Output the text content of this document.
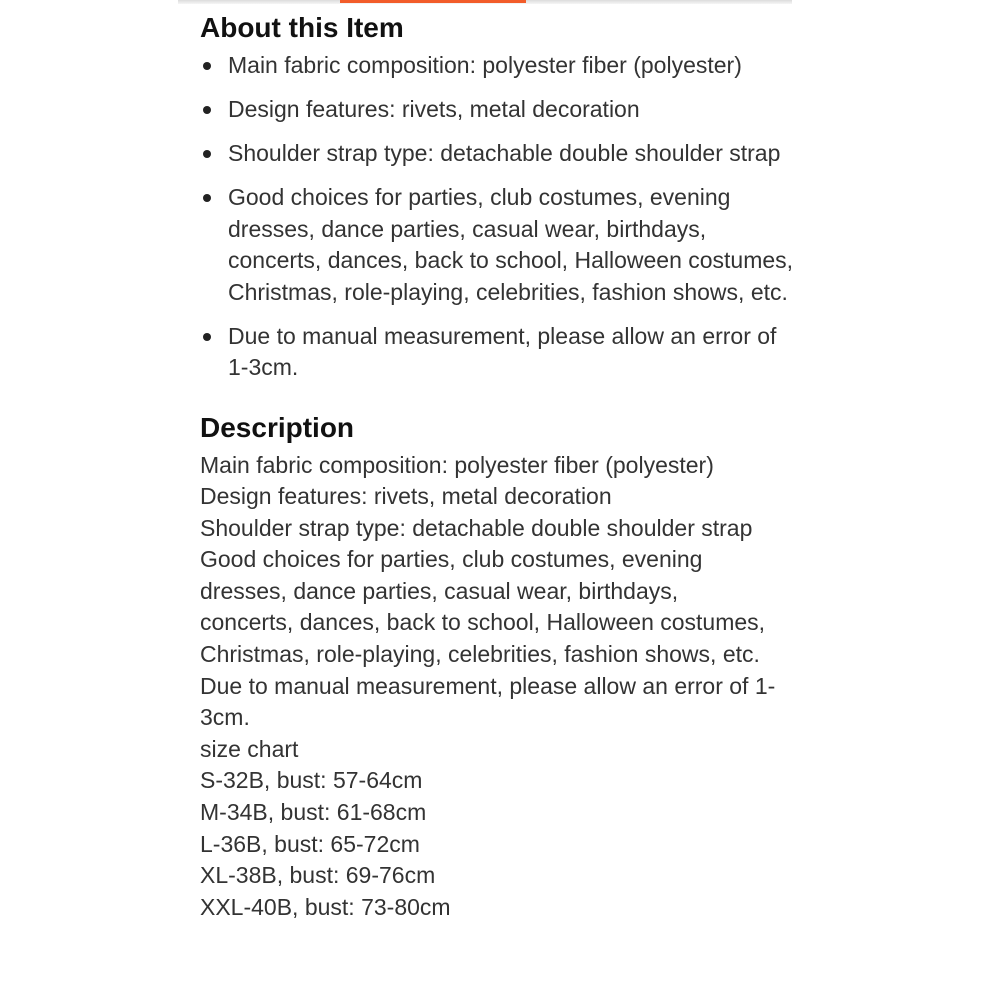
About this Item
Main fabric composition: polyester fiber (polyester)
Design features: rivets, metal decoration
Shoulder strap type: detachable double shoulder strap
Good choices for parties, club costumes, evening dresses, dance parties, casual wear, birthdays, concerts, dances, back to school, Halloween costumes, Christmas, role-playing, celebrities, fashion shows, etc.
Due to manual measurement, please allow an error of 1-3cm.
Description
Main fabric composition: polyester fiber (polyester)
Design features: rivets, metal decoration
Shoulder strap type: detachable double shoulder strap
Good choices for parties, club costumes, evening
dresses, dance parties, casual wear, birthdays,
concerts, dances, back to school, Halloween costumes,
Christmas, role-playing, celebrities, fashion shows, etc.
Due to manual measurement, please allow an error of 1-
3cm.
size chart
S-32B, bust: 57-64cm
M-34B, bust: 61-68cm
L-36B, bust: 65-72cm
XL-38B, bust: 69-76cm
XXL-40B, bust: 73-80cm
